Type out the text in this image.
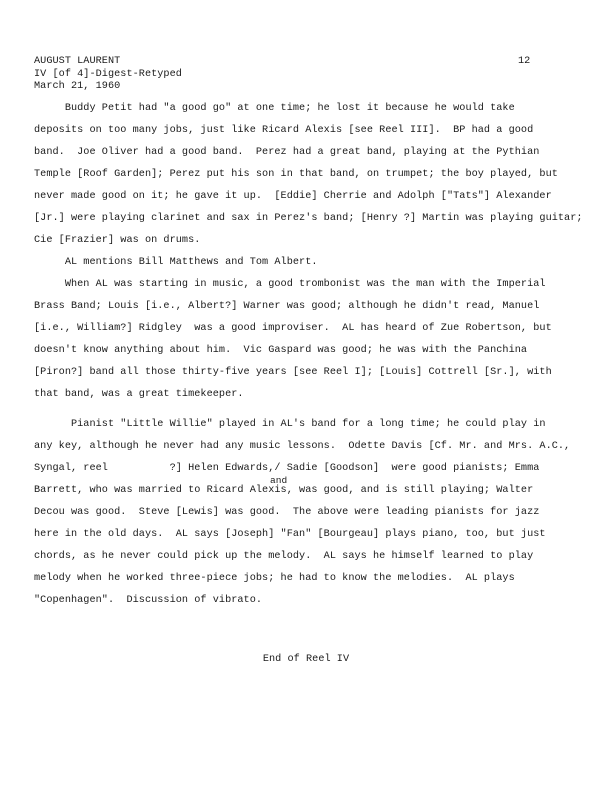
AUGUST LAURENT
IV [of 4]-Digest-Retyped
March 21, 1960
12
Buddy Petit had "a good go" at one time; he lost it because he would take
deposits on too many jobs, just like Ricard Alexis [see Reel III].  BP had a good
band.  Joe Oliver had a good band.  Perez had a great band, playing at the Pythian
Temple [Roof Garden]; Perez put his son in that band, on trumpet; the boy played, but
never made good on it; he gave it up.  [Eddie] Cherrie and Adolph ["Tats"] Alexander
[Jr.] were playing clarinet and sax in Perez's band; [Henry ?] Martin was playing guitar;
Cie [Frazier] was on drums.
AL mentions Bill Matthews and Tom Albert.
When AL was starting in music, a good trombonist was the man with the Imperial
Brass Band; Louis [i.e., Albert?] Warner was good; although he didn't read, Manuel
[i.e., William?] Ridgley  was a good improviser.  AL has heard of Zue Robertson, but
doesn't know anything about him.  Vic Gaspard was good; he was with the Panchina
[Piron?] band all those thirty-five years [see Reel I]; [Louis] Cottrell [Sr.], with
that band, was a great timekeeper.
Pianist "Little Willie" played in AL's band for a long time; he could play in
any key, although he never had any music lessons.  Odette Davis [Cf. Mr. and Mrs. A.C.,
Syngal, reel          ?] Helen Edwards,/ Sadie [Goodson]  were good pianists; Emma
Barrett, who was married to Ricard Alexis, was good, and is still playing; Walter
Decou was good.  Steve [Lewis] was good.  The above were leading pianists for jazz
here in the old days.  AL says [Joseph] "Fan" [Bourgeau] plays piano, too, but just
chords, as he never could pick up the melody.  AL says he himself learned to play
melody when he worked three-piece jobs; he had to know the melodies.  AL plays
"Copenhagen".  Discussion of vibrato.
and
End of Reel IV
